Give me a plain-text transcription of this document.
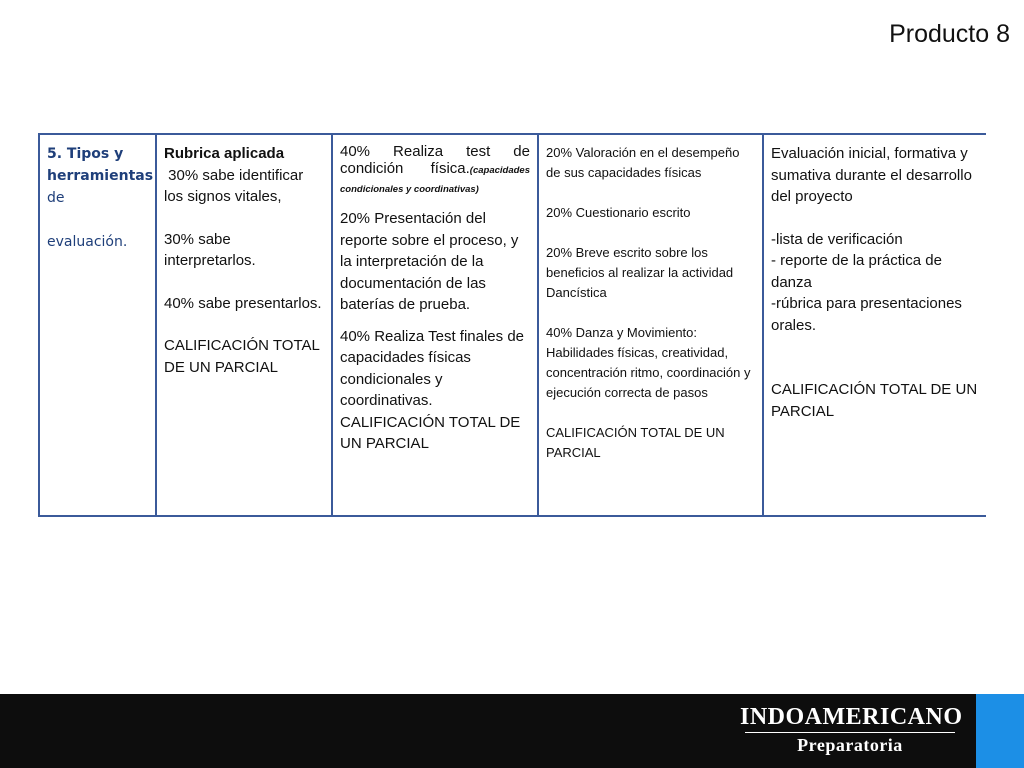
Producto 8
5. Tipos y herramientas
de
evaluación.

Rubrica aplicada

30% sabe identificar los signos vitales,

30% sabe interpretarlos.

40% sabe presentarlos.

CALIFICACIÓN TOTAL DE UN PARCIAL

40% Realiza test de condición física.(capacidades condicionales y coordinativas)

20% Presentación del reporte sobre el proceso, y la interpretación de la documentación de las baterías de prueba.

40% Realiza Test finales de capacidades físicas condicionales y coordinativas.

CALIFICACIÓN TOTAL DE UN PARCIAL

20% Valoración en el desempeño de sus capacidades físicas

20% Cuestionario escrito

20% Breve escrito sobre los beneficios al realizar la actividad Dancística

40% Danza y Movimiento: Habilidades físicas, creatividad, concentración ritmo, coordinación y ejecución correcta de pasos

CALIFICACIÓN TOTAL DE UN PARCIAL

Evaluación inicial, formativa y sumativa durante el desarrollo del proyecto

-lista de verificación

- reporte de la práctica de danza

-rúbrica para presentaciones orales.

CALIFICACIÓN TOTAL DE UN PARCIAL

INDOAMERICANO
Preparatoria
